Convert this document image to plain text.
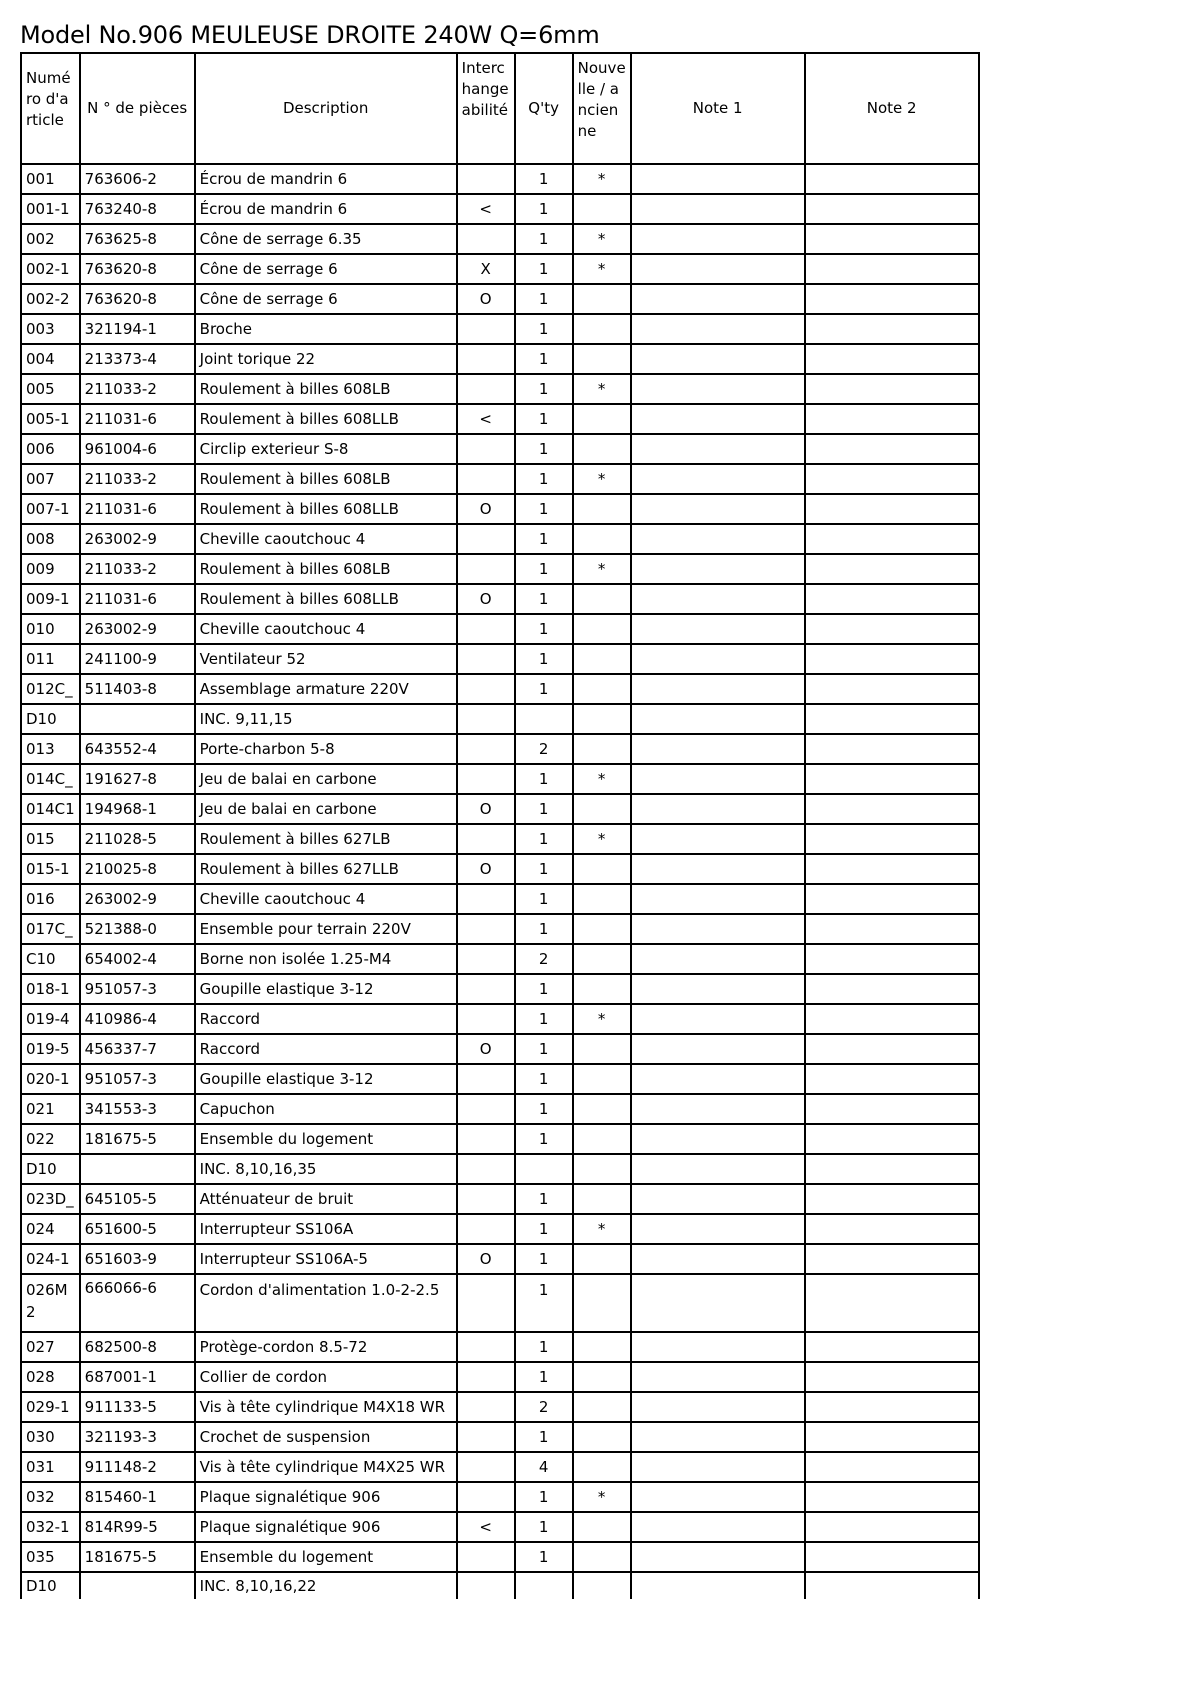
Model No.906 MEULEUSE DROITE 240W Q=6mm
Numéro d'article	N ° de pièces	Description	Interchangeabilité	Q'ty	Nouvelle / ancienne	Note 1	Note 2
001	763606-2	Écrou de mandrin 6		1	*		
001-1	763240-8	Écrou de mandrin 6	<	1			
002	763625-8	Cône de serrage 6.35		1	*		
002-1	763620-8	Cône de serrage 6	X	1	*		
002-2	763620-8	Cône de serrage 6	O	1			
003	321194-1	Broche		1			
004	213373-4	Joint torique 22		1			
005	211033-2	Roulement à billes 608LB		1	*		
005-1	211031-6	Roulement à billes 608LLB	<	1			
006	961004-6	Circlip exterieur S-8		1			
007	211033-2	Roulement à billes 608LB		1	*		
007-1	211031-6	Roulement à billes 608LLB	O	1			
008	263002-9	Cheville caoutchouc 4		1			
009	211033-2	Roulement à billes 608LB		1	*		
009-1	211031-6	Roulement à billes 608LLB	O	1			
010	263002-9	Cheville caoutchouc 4		1			
011	241100-9	Ventilateur 52		1			
012C_	511403-8	Assemblage armature 220V		1			
D10		INC. 9,11,15					
013	643552-4	Porte-charbon 5-8		2			
014C_	191627-8	Jeu de balai en carbone		1	*		
014C1	194968-1	Jeu de balai en carbone	O	1			
015	211028-5	Roulement à billes 627LB		1	*		
015-1	210025-8	Roulement à billes 627LLB	O	1			
016	263002-9	Cheville caoutchouc 4		1			
017C_	521388-0	Ensemble pour terrain 220V		1			
C10	654002-4	Borne non isolée 1.25-M4		2			
018-1	951057-3	Goupille elastique 3-12		1			
019-4	410986-4	Raccord		1	*		
019-5	456337-7	Raccord	O	1			
020-1	951057-3	Goupille elastique 3-12		1			
021	341553-3	Capuchon		1			
022	181675-5	Ensemble du logement		1			
D10		INC. 8,10,16,35					
023D_	645105-5	Atténuateur de bruit		1			
024	651600-5	Interrupteur SS106A		1	*		
024-1	651603-9	Interrupteur SS106A-5	O	1			
026M2	666066-6	Cordon d'alimentation 1.0-2-2.5		1			
027	682500-8	Protège-cordon 8.5-72		1			
028	687001-1	Collier de cordon		1			
029-1	911133-5	Vis à tête cylindrique M4X18 WR		2			
030	321193-3	Crochet de suspension		1			
031	911148-2	Vis à tête cylindrique M4X25 WR		4			
032	815460-1	Plaque signalétique 906		1	*		
032-1	814R99-5	Plaque signalétique 906	<	1			
035	181675-5	Ensemble du logement		1			
D10		INC. 8,10,16,22					
